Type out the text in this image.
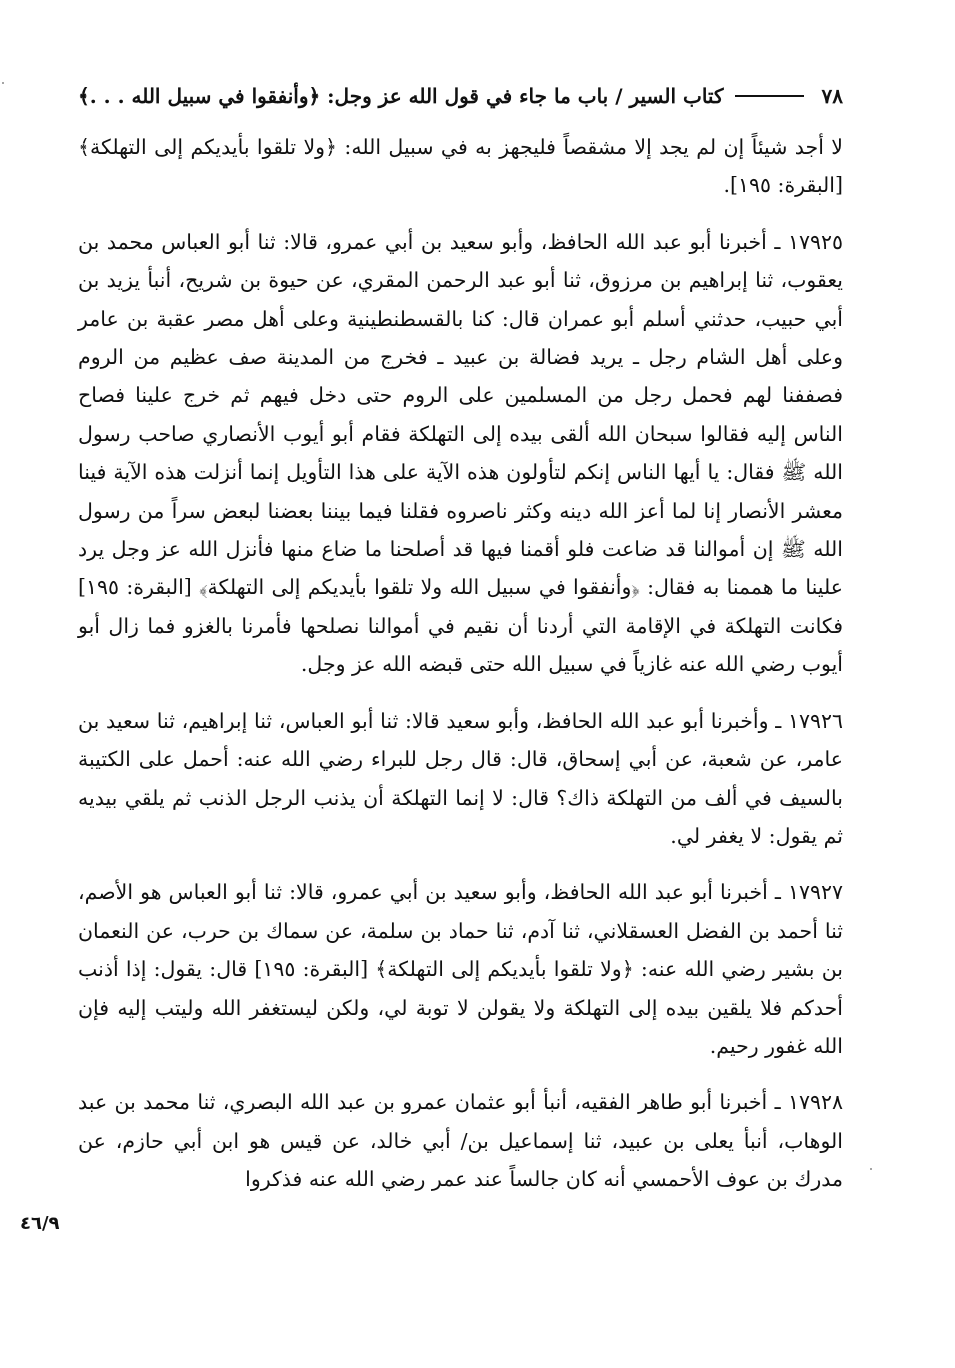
٧٨
كتاب السير / باب ما جاء في قول الله عز وجل: ﴿وأنفقوا في سبيل الله . . .﴾

لا أجد شيئاً إن لم يجد إلا مشقصاً فليجهز به في سبيل الله: ﴿ولا تلقوا بأيديكم إلى التهلكة﴾ [البقرة: ١٩٥].

١٧٩٢٥ ـ أخبرنا أبو عبد الله الحافظ، وأبو سعيد بن أبي عمرو، قالا: ثنا أبو العباس محمد بن يعقوب، ثنا إبراهيم بن مرزوق، ثنا أبو عبد الرحمن المقري، عن حيوة بن شريح، أنبأ يزيد بن أبي حبيب، حدثني أسلم أبو عمران قال: كنا بالقسطنطينية وعلى أهل مصر عقبة بن عامر وعلى أهل الشام رجل ـ يريد فضالة بن عبيد ـ فخرج من المدينة صف عظيم من الروم فصففنا لهم فحمل رجل من المسلمين على الروم حتى دخل فيهم ثم خرج علينا فصاح الناس إليه فقالوا سبحان الله ألقى بيده إلى التهلكة فقام أبو أيوب الأنصاري صاحب رسول الله ﷺ فقال: يا أيها الناس إنكم لتأولون هذه الآية على هذا التأويل إنما أنزلت هذه الآية فينا معشر الأنصار إنا لما أعز الله دينه وكثر ناصروه فقلنا فيما بيننا بعضنا لبعض سراً من رسول الله ﷺ إن أموالنا قد ضاعت فلو أقمنا فيها قد أصلحنا ما ضاع منها فأنزل الله عز وجل يرد علينا ما هممنا به فقال: ﴿وأنفقوا في سبيل الله ولا تلقوا بأيديكم إلى التهلكة﴾ [البقرة: ١٩٥] فكانت التهلكة في الإقامة التي أردنا أن نقيم في أموالنا نصلحها فأمرنا بالغزو فما زال أبو أيوب رضي الله عنه غازياً في سبيل الله حتى قبضه الله عز وجل.

١٧٩٢٦ ـ وأخبرنا أبو عبد الله الحافظ، وأبو سعيد قالا: ثنا أبو العباس، ثنا إبراهيم، ثنا سعيد بن عامر، عن شعبة، عن أبي إسحاق، قال: قال رجل للبراء رضي الله عنه: أحمل على الكتيبة بالسيف في ألف من التهلكة ذاك؟ قال: لا إنما التهلكة أن يذنب الرجل الذنب ثم يلقي بيديه ثم يقول: لا يغفر لي.

١٧٩٢٧ ـ أخبرنا أبو عبد الله الحافظ، وأبو سعيد بن أبي عمرو، قالا: ثنا أبو العباس هو الأصم، ثنا أحمد بن الفضل العسقلاني، ثنا آدم، ثنا حماد بن سلمة، عن سماك بن حرب، عن النعمان بن بشير رضي الله عنه: ﴿ولا تلقوا بأيديكم إلى التهلكة﴾ [البقرة: ١٩٥] قال: يقول: إذا أذنب أحدكم فلا يلقين بيده إلى التهلكة ولا يقولن لا توبة لي، ولكن ليستغفر الله وليتب إليه فإن الله غفور رحيم.

١٧٩٢٨ ـ أخبرنا أبو طاهر الفقيه، أنبأ أبو عثمان عمرو بن عبد الله البصري، ثنا محمد بن عبد الوهاب، أنبأ يعلى بن عبيد، ثنا إسماعيل بن/ أبي خالد، عن قيس هو ابن أبي حازم، عن مدرك بن عوف الأحمسي أنه كان جالساً عند عمر رضي الله عنه فذكروا

٤٦/٩
